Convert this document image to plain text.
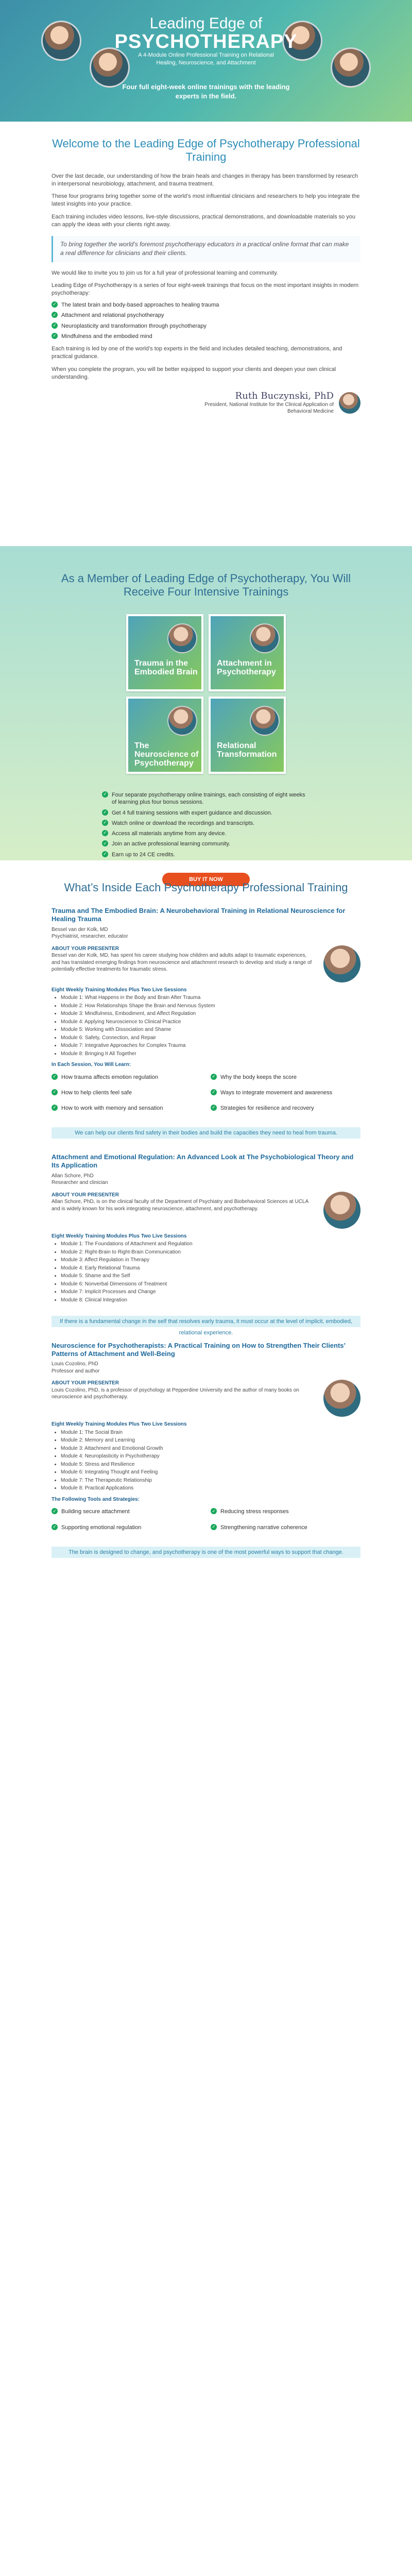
Leading Edge of
PSYCHOTHERAPY
A 4-Module Online Professional Training on Relational Healing, Neuroscience, and Attachment
Four full eight-week online trainings with the leading experts in the field.
Welcome to the Leading Edge of Psychotherapy Professional Training

Over the last decade, our understanding of how the brain heals and changes in therapy has been transformed by research in interpersonal neurobiology, attachment, and trauma treatment.

These four programs bring together some of the world’s most influential clinicians and researchers to help you integrate the latest insights into your practice.

Each training includes video lessons, live-style discussions, practical demonstrations, and downloadable materials so you can apply the ideas with your clients right away.

To bring together the world’s foremost psychotherapy educators in a practical online format that can make a real difference for clinicians and their clients.

We would like to invite you to join us for a full year of professional learning and community.

Leading Edge of Psychotherapy is a series of four eight-week trainings that focus on the most important insights in modern psychotherapy:

✓ The latest brain and body-based approaches to healing trauma
✓ Attachment and relational psychotherapy
✓ Neuroplasticity and transformation through psychotherapy
✓ Mindfulness and the embodied mind

Each training is led by one of the world’s top experts in the field and includes detailed teaching, demonstrations, and practical guidance.

When you complete the program, you will be better equipped to support your clients and deepen your own clinical understanding.

Ruth Buczynski, PhD
President, National Institute for the Clinical Application of Behavioral Medicine
As a Member of Leading Edge of Psychotherapy, You Will Receive Four Intensive Trainings
Trauma in the Embodied Brain
Attachment in Psychotherapy
The Neuroscience of Psychotherapy
Relational Transformation
✓ Four separate psychotherapy online trainings, each consisting of eight weeks of learning plus four bonus sessions.
✓ Get 4 full training sessions with expert guidance and discussion.
✓ Watch online or download the recordings and transcripts.
✓ Access all materials anytime from any device.
✓ Join an active professional learning community.
✓ Earn up to 24 CE credits.
BUY IT NOW
What’s Inside Each Psychotherapy Professional Training
Trauma and The Embodied Brain: A Neurobehavioral Training in Relational Neuroscience for Healing Trauma
Bessel van der Kolk, MD
Psychiatrist, researcher, educator
ABOUT YOUR PRESENTER
Bessel van der Kolk, MD, has spent his career studying how children and adults adapt to traumatic experiences, and has translated emerging findings from neuroscience and attachment research to develop and study a range of potentially effective treatments for traumatic stress.
Eight Weekly Training Modules Plus Two Live Sessions
• Module 1: What Happens in the Body and Brain After Trauma
• Module 2: How Relationships Shape the Brain and Nervous System
• Module 3: Mindfulness, Embodiment, and Affect Regulation
• Module 4: Applying Neuroscience to Clinical Practice
• Module 5: Working with Dissociation and Shame
• Module 6: Safety, Connection, and Repair
• Module 7: Integrative Approaches for Complex Trauma
• Module 8: Bringing It All Together
In Each Session, You Will Learn:
✓ How trauma affects emotion regulation	✓ Why the body keeps the score
✓ How to help clients feel safe	✓ Ways to integrate movement and awareness
✓ How to work with memory and sensation	✓ Strategies for resilience and recovery
We can help our clients find safety in their bodies and build the capacities they need to heal from trauma.
Attachment and Emotional Regulation: An Advanced Look at The Psychobiological Theory and Its Application
Allan Schore, PhD
Researcher and clinician
ABOUT YOUR PRESENTER
Allan Schore, PhD, is on the clinical faculty of the Department of Psychiatry and Biobehavioral Sciences at UCLA and is widely known for his work integrating neuroscience, attachment, and psychotherapy.
Eight Weekly Training Modules Plus Two Live Sessions
• Module 1: The Foundations of Attachment and Regulation
• Module 2: Right-Brain to Right-Brain Communication
• Module 3: Affect Regulation in Therapy
• Module 4: Early Relational Trauma
• Module 5: Shame and the Self
• Module 6: Nonverbal Dimensions of Treatment
• Module 7: Implicit Processes and Change
• Module 8: Clinical Integration
If there is a fundamental change in the self that resolves early trauma, it must occur at the level of implicit, embodied, relational experience.
Neuroscience for Psychotherapists: A Practical Training on How to Strengthen Their Clients’ Patterns of Attachment and Well-Being
Louis Cozolino, PhD
Professor and author
ABOUT YOUR PRESENTER
Louis Cozolino, PhD, is a professor of psychology at Pepperdine University and the author of many books on neuroscience and psychotherapy.
Eight Weekly Training Modules Plus Two Live Sessions
• Module 1: The Social Brain
• Module 2: Memory and Learning
• Module 3: Attachment and Emotional Growth
• Module 4: Neuroplasticity in Psychotherapy
• Module 5: Stress and Resilience
• Module 6: Integrating Thought and Feeling
• Module 7: The Therapeutic Relationship
• Module 8: Practical Applications
The Following Tools and Strategies:
✓ Building secure attachment	✓ Reducing stress responses
✓ Supporting emotional regulation	✓ Strengthening narrative coherence
The brain is designed to change, and psychotherapy is one of the most powerful ways to support that change.
